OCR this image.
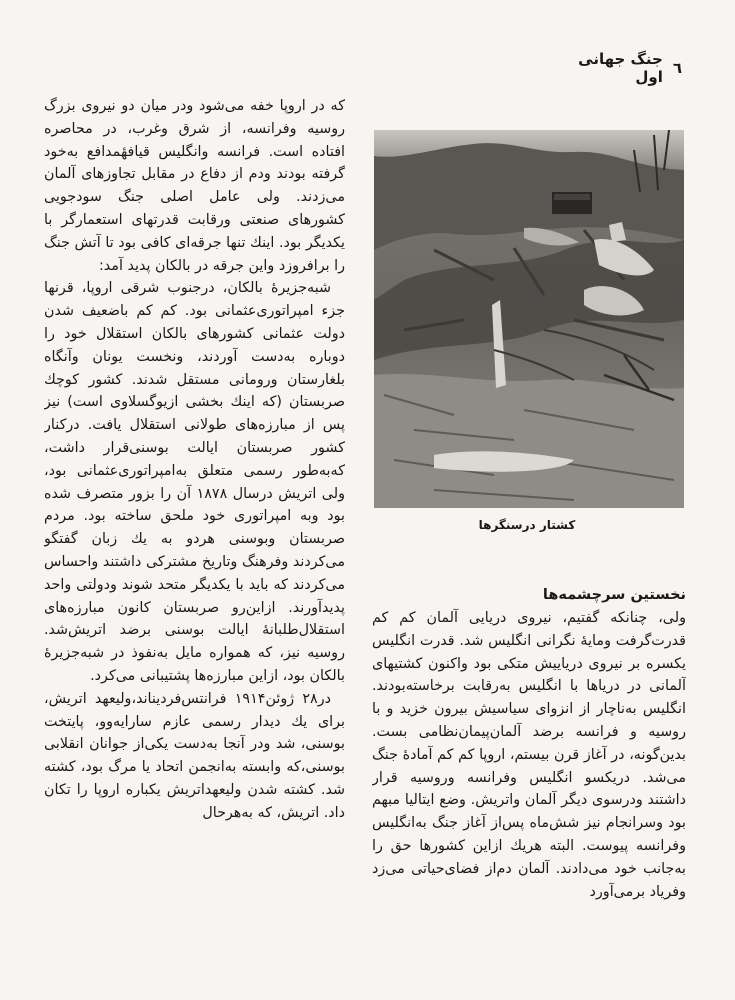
٦
جنگ جهانی اول
کشتار درسنگرها

که در اروپا خفه می‌شود ودر میان دو نیروی بزرگ روسیه وفرانسه، از شرق وغرب، در محاصره افتاده است. فرانسه وانگلیس قیافهٔمدافع به‌خود گرفته بودند ودم از دفاع در مقابل تجاوزهای آلمان می‌زدند. ولی عامل اصلی جنگ سودجویی کشورهای صنعتی ورقابت قدرتهای استعمارگر با یکدیگر بود. اینك تنها جرقه‌ای کافی بود تا آتش جنگ را برافروزد واین جرقه در بالکان پدید آمد:

شبه‌جزیرهٔ بالکان، درجنوب شرقی اروپا، قرنها جزء امپراتوری‌عثمانی بود. کم کم باضعیف شدن دولت عثمانی کشورهای بالکان استقلال خود را دوباره به‌دست آوردند، ونخست یونان وآنگاه بلغارستان ورومانی مستقل شدند. کشور کوچك صربستان (که اینك بخشی ازیوگسلاوی است) نیز پس از مبارزه‌های طولانی استقلال یافت. درکنار کشور صربستان ایالت بوسنی‌قرار داشت، که‌به‌طور رسمی متعلق به‌امپراتوری‌عثمانی بود، ولی اتریش درسال ۱۸۷۸ آن را بزور متصرف شده بود وبه امپراتوری خود ملحق ساخته بود. مردم صربستان وبوسنی هردو به یك زبان گفتگو می‌کردند وفرهنگ وتاریخ مشترکی داشتند واحساس می‌کردند که باید با یکدیگر متحد شوند ودولتی واحد پدیدآورند. ازاین‌رو صربستان کانون مبارزه‌های استقلال‌طلبانهٔ ایالت بوسنی برضد اتریش‌شد. روسیه نیز، که همواره مایل به‌نفوذ در شبه‌جزیرهٔ بالکان بود، ازاین مبارزه‌ها پشتیبانی می‌کرد.

در۲۸ ژوئن۱۹۱۴ فرانتس‌فردیناند،ولیعهد اتریش، برای یك دیدار رسمی عازم سارایه‌وو، پایتخت بوسنی، شد ودر آنجا به‌دست یکی‌از جوانان انقلابی بوسنی،که وابسته به‌انجمن اتحاد یا مرگ بود، کشته شد. کشته شدن ولیعهداتریش یکباره اروپا را تکان داد. اتریش، که به‌هرحال

نخستین سرچشمه‌ها

ولی، چنانکه گفتیم، نیروی دریایی آلمان کم کم قدرت‌گرفت ومایهٔ نگرانی انگلیس شد. قدرت انگلیس یکسره بر نیروی دریاییش متکی بود واکنون کشتیهای آلمانی در دریاها با انگلیس به‌رقابت برخاسته‌بودند. انگلیس به‌ناچار از انزوای سیاسیش بیرون خزید و با روسیه و فرانسه برضد آلمان‌پیمان‌نظامی بست. بدین‌گونه، در آغاز قرن بیستم، اروپا کم کم آمادهٔ جنگ می‌شد. دریکسو انگلیس وفرانسه وروسیه قرار داشتند ودرسوی دیگر آلمان واتریش. وضع ایتالیا مبهم بود وسرانجام نیز شش‌ماه پس‌از آغاز جنگ به‌انگلیس وفرانسه پیوست. البته هریك ازاین کشورها حق را به‌جانب خود می‌دادند. آلمان دم‌از فضای‌حیاتی می‌زد وفریاد برمی‌آورد
